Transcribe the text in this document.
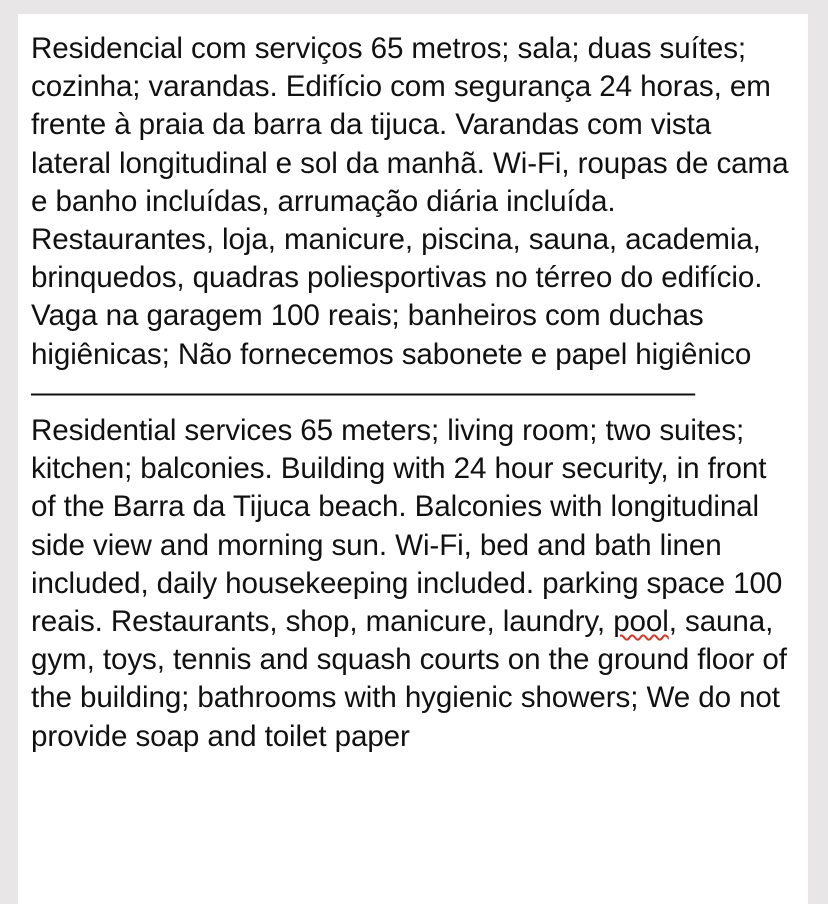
Residencial com serviços 65 metros; sala; duas suítes; cozinha; varandas. Edifício com segurança 24 horas, em frente à praia da barra da tijuca. Varandas com vista lateral longitudinal e sol da manhã. Wi-Fi, roupas de cama e banho incluídas, arrumação diária incluída. Restaurantes, loja, manicure, piscina, sauna, academia, brinquedos, quadras poliesportivas no térreo do edifício. Vaga na garagem 100 reais; banheiros com duchas higiênicas; Não fornecemos sabonete e papel higiênico

————————————————————————

Residential services 65 meters; living room; two suites; kitchen; balconies. Building with 24 hour security, in front of the Barra da Tijuca beach. Balconies with longitudinal side view and morning sun. Wi-Fi, bed and bath linen included, daily housekeeping included. parking space 100 reais. Restaurants, shop, manicure, laundry, pool, sauna, gym, toys, tennis and squash courts on the ground floor of the building; bathrooms with hygienic showers; We do not provide soap and toilet paper
